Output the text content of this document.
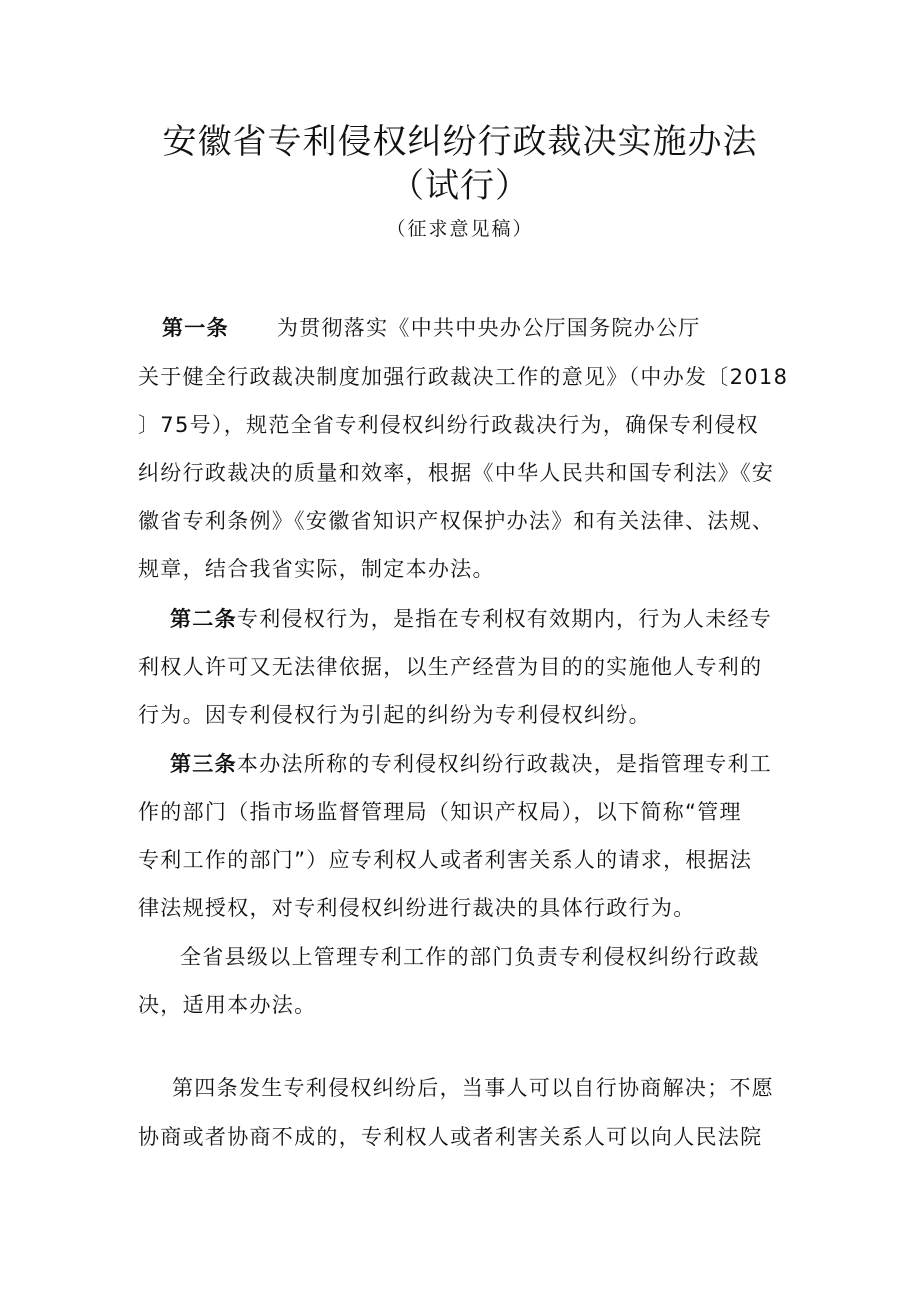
安徽省专利侵权纠纷行政裁决实施办法
（试行）
（征求意见稿）
第一条 为贯彻落实《中共中央办公厅国务院办公厅
关于健全行政裁决制度加强行政裁决工作的意见》（中办发〔2018
〕75号），规范全省专利侵权纠纷行政裁决行为，确保专利侵权
纠纷行政裁决的质量和效率，根据《中华人民共和国专利法》《安
徽省专利条例》《安徽省知识产权保护办法》和有关法律、法规、
规章，结合我省实际，制定本办法。
第二条专利侵权行为，是指在专利权有效期内，行为人未经专
利权人许可又无法律依据，以生产经营为目的的实施他人专利的
行为。因专利侵权行为引起的纠纷为专利侵权纠纷。
第三条本办法所称的专利侵权纠纷行政裁决，是指管理专利工
作的部门（指市场监督管理局（知识产权局），以下简称“管理
专利工作的部门”）应专利权人或者利害关系人的请求，根据法
律法规授权，对专利侵权纠纷进行裁决的具体行政行为。
全省县级以上管理专利工作的部门负责专利侵权纠纷行政裁
决，适用本办法。
第四条发生专利侵权纠纷后，当事人可以自行协商解决；不愿
协商或者协商不成的，专利权人或者利害关系人可以向人民法院
